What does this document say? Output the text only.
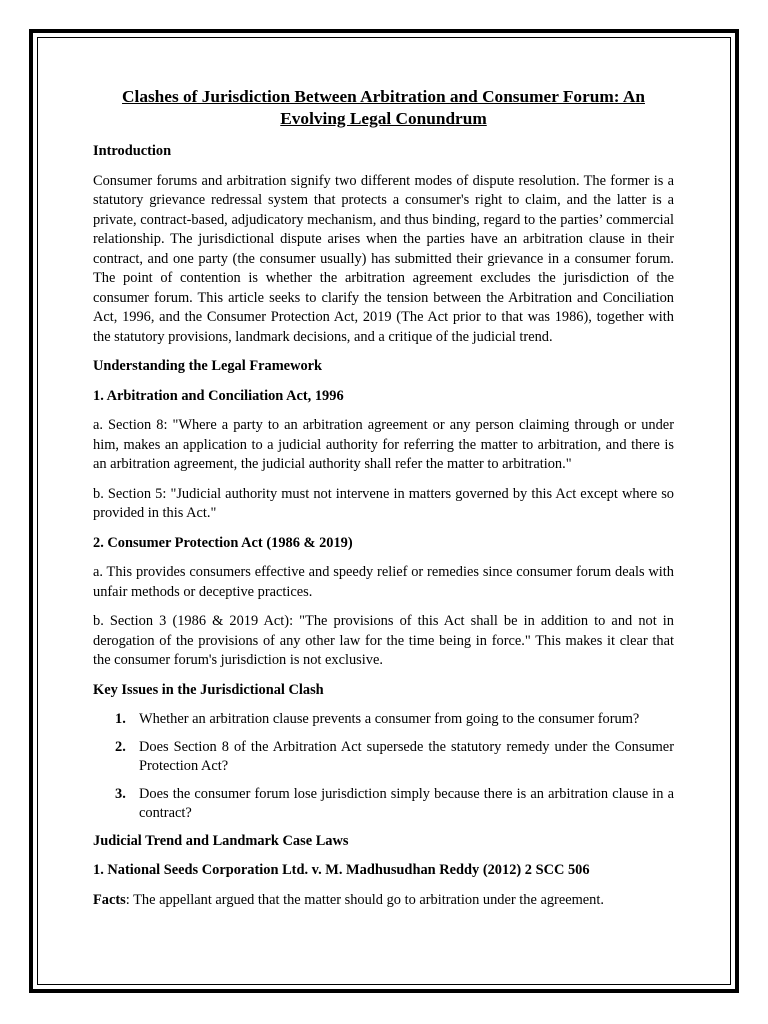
Clashes of Jurisdiction Between Arbitration and Consumer Forum: An
Evolving Legal Conundrum
Introduction

Consumer forums and arbitration signify two different modes of dispute resolution. The former is a statutory grievance redressal system that protects a consumer's right to claim, and the latter is a private, contract-based, adjudicatory mechanism, and thus binding, regard to the parties’ commercial relationship. The jurisdictional dispute arises when the parties have an arbitration clause in their contract, and one party (the consumer usually) has submitted their grievance in a consumer forum. The point of contention is whether the arbitration agreement excludes the jurisdiction of the consumer forum. This article seeks to clarify the tension between the Arbitration and Conciliation Act, 1996, and the Consumer Protection Act, 2019 (The Act prior to that was 1986), together with the statutory provisions, landmark decisions, and a critique of the judicial trend.

Understanding the Legal Framework
1. Arbitration and Conciliation Act, 1996

a. Section 8: "Where a party to an arbitration agreement or any person claiming through or under him, makes an application to a judicial authority for referring the matter to arbitration, and there is an arbitration agreement, the judicial authority shall refer the matter to arbitration."

b. Section 5: "Judicial authority must not intervene in matters governed by this Act except where so provided in this Act."

2. Consumer Protection Act (1986 & 2019)

a. This provides consumers effective and speedy relief or remedies since consumer forum deals with unfair methods or deceptive practices.

b. Section 3 (1986 & 2019 Act): "The provisions of this Act shall be in addition to and not in derogation of the provisions of any other law for the time being in force." This makes it clear that the consumer forum's jurisdiction is not exclusive.

Key Issues in the Jurisdictional Clash
1. Whether an arbitration clause prevents a consumer from going to the consumer forum?
2. Does Section 8 of the Arbitration Act supersede the statutory remedy under the Consumer Protection Act?
3. Does the consumer forum lose jurisdiction simply because there is an arbitration clause in a contract?
Judicial Trend and Landmark Case Laws
1. National Seeds Corporation Ltd. v. M. Madhusudhan Reddy (2012) 2 SCC 506

Facts: The appellant argued that the matter should go to arbitration under the agreement.
